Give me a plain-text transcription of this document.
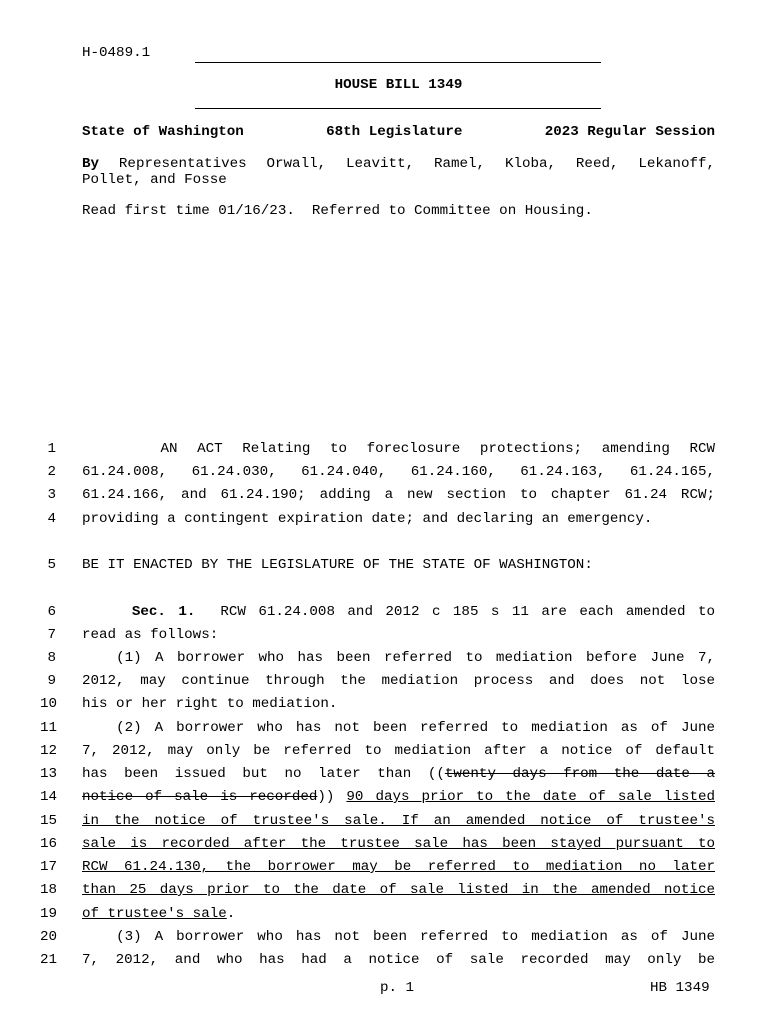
H-0489.1
HOUSE BILL 1349
State of Washington	68th Legislature	2023 Regular Session
By Representatives Orwall, Leavitt, Ramel, Kloba, Reed, Lekanoff,
Pollet, and Fosse
Read first time 01/16/23.  Referred to Committee on Housing.
1 AN ACT Relating to foreclosure protections; amending RCW
2 61.24.008, 61.24.030, 61.24.040, 61.24.160, 61.24.163, 61.24.165,
3 61.24.166, and 61.24.190; adding a new section to chapter 61.24 RCW;
4 providing a contingent expiration date; and declaring an emergency.
5 BE IT ENACTED BY THE LEGISLATURE OF THE STATE OF WASHINGTON:
6	Sec. 1.  RCW 61.24.008 and 2012 c 185 s 11 are each amended to
7 read as follows:
8	(1) A borrower who has been referred to mediation before June 7,
9 2012, may continue through the mediation process and does not lose
10 his or her right to mediation.
11	(2) A borrower who has not been referred to mediation as of June
12 7, 2012, may only be referred to mediation after a notice of default
13 has been issued but no later than ((twenty days from the date a
14 notice of sale is recorded)) 90 days prior to the date of sale listed
15 in the notice of trustee's sale. If an amended notice of trustee's
16 sale is recorded after the trustee sale has been stayed pursuant to
17 RCW 61.24.130, the borrower may be referred to mediation no later
18 than 25 days prior to the date of sale listed in the amended notice
19 of trustee's sale.
20	(3) A borrower who has not been referred to mediation as of June
21 7, 2012, and who has had a notice of sale recorded may only be
p. 1	HB 1349
